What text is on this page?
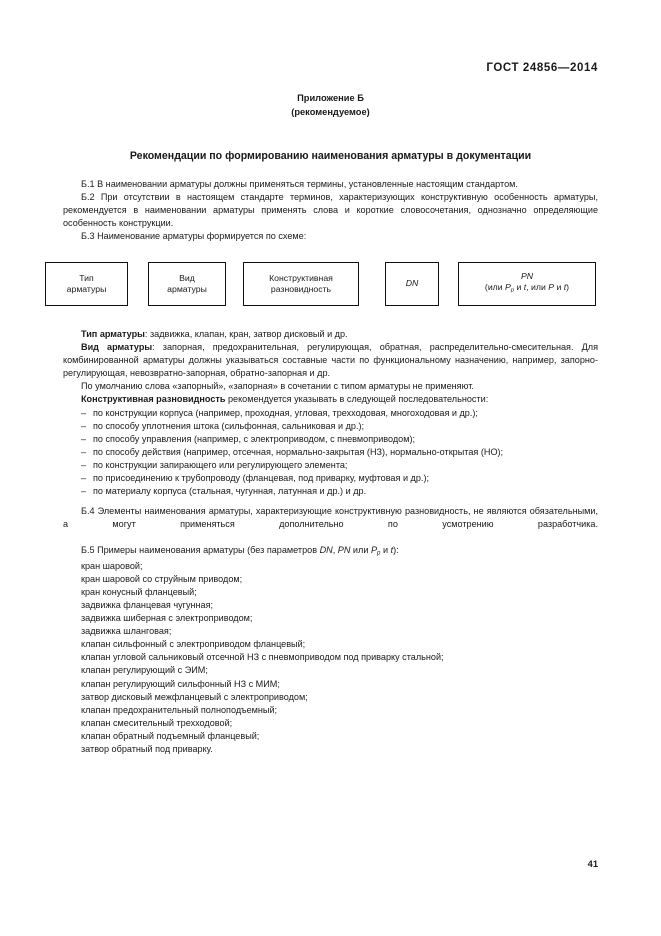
ГОСТ 24856—2014
Приложение Б
(рекомендуемое)
Рекомендации по формированию наименования арматуры в документации

Б.1 В наименовании арматуры должны применяться термины, установленные настоящим стандартом.

Б.2 При отсутствии в настоящем стандарте терминов, характеризующих конструктивную особенность арматуры, рекомендуется в наименовании арматуры применять слова и короткие словосочетания, однозначно определяющие особенность конструкции.

Б.3 Наименование арматуры формируется по схеме:

Тип
арматуры
Вид
арматуры
Конструктивная
разновидность
DN
PN
(или $Р_р$ и t, или Р и t)

Тип арматуры: задвижка, клапан, кран, затвор дисковый и др.

Вид арматуры: запорная, предохранительная, регулирующая, обратная, распределительно-смесительная. Для комбинированной арматуры должны указываться составные части по функциональному назначению, например, запорно-регулирующая, невозвратно-запорная, обратно-запорная и др.

По умолчанию слова «запорный», «запорная» в сочетании с типом арматуры не применяют.

Конструктивная разновидность рекомендуется указывать в следующей последовательности:

– по конструкции корпуса (например, проходная, угловая, трехходовая, многоходовая и др.);
– по способу уплотнения штока (сильфонная, сальниковая и др.);
– по способу управления (например, с электроприводом, с пневмоприводом);
– по способу действия (например, отсечная, нормально-закрытая (НЗ), нормально-открытая (НО);
– по конструкции запирающего или регулирующего элемента;
– по присоединению к трубопроводу (фланцевая, под приварку, муфтовая и др.);
– по материалу корпуса (стальная, чугунная, латунная и др.) и др.

Б.4 Элементы наименования арматуры, характеризующие конструктивную разновидность, не являются обязательными, а могут применяться дополнительно по усмотрению разработчика.

Б.5 Примеры наименования арматуры (без параметров DN, PN или $Р_р$ и t):

кран шаровой;
кран шаровой со струйным приводом;
кран конусный фланцевый;
задвижка фланцевая чугунная;
задвижка шиберная с электроприводом;
задвижка шланговая;
клапан сильфонный с электроприводом фланцевый;
клапан угловой сальниковый отсечной НЗ с пневмоприводом под приварку стальной;
клапан регулирующий с ЭИМ;
клапан регулирующий сильфонный НЗ с МИМ;
затвор дисковый межфланцевый с электроприводом;
клапан предохранительный полноподъемный;
клапан смесительный трехходовой;
клапан обратный подъемный фланцевый;
затвор обратный под приварку.
41
